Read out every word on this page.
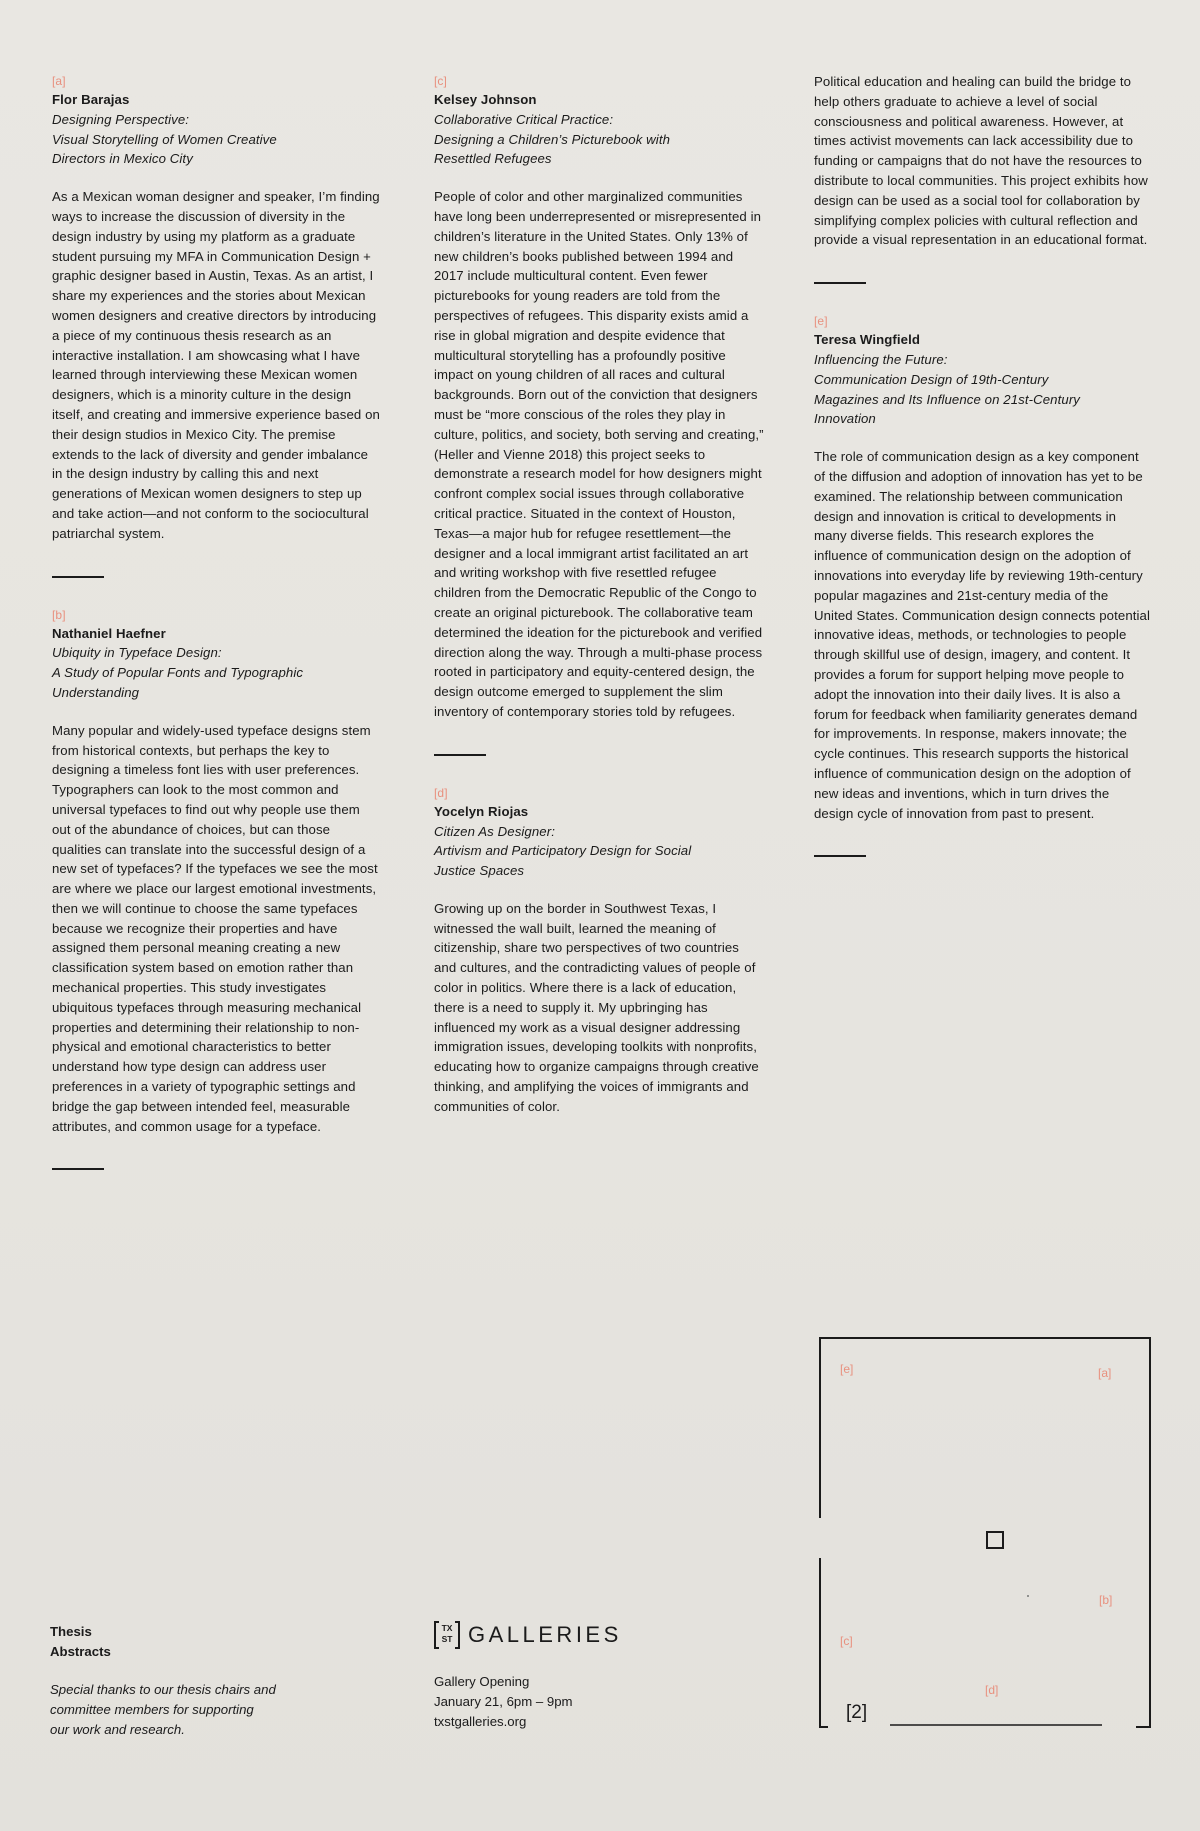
[a]
Flor Barajas
Designing Perspective:
Visual Storytelling of Women Creative
Directors in Mexico City
As a Mexican woman designer and speaker, I’m finding ways to increase the discussion of diversity in the design industry by using my platform as a graduate student pursuing my MFA in Communication Design + graphic designer based in Austin, Texas. As an artist, I share my experiences and the stories about Mexican women designers and creative directors by introducing a piece of my continuous thesis research as an interactive installation. I am showcasing what I have learned through interviewing these Mexican women designers, which is a minority culture in the design itself, and creating and immersive experience based on their design studios in Mexico City. The premise extends to the lack of diversity and gender imbalance in the design industry by calling this and next generations of Mexican women designers to step up and take action—and not conform to the sociocultural patriarchal system.
[b]
Nathaniel Haefner
Ubiquity in Typeface Design:
A Study of Popular Fonts and Typographic
Understanding
Many popular and widely-used typeface designs stem from historical contexts, but perhaps the key to designing a timeless font lies with user preferences. Typographers can look to the most common and universal typefaces to find out why people use them out of the abundance of choices, but can those qualities can translate into the successful design of a new set of typefaces? If the typefaces we see the most are where we place our largest emotional investments, then we will continue to choose the same typefaces because we recognize their properties and have assigned them personal meaning creating a new classification system based on emotion rather than mechanical properties. This study investigates ubiquitous typefaces through measuring mechanical properties and determining their relationship to non-physical and emotional characteristics to better understand how type design can address user preferences in a variety of typographic settings and bridge the gap between intended feel, measurable attributes, and common usage for a typeface.
[c]
Kelsey Johnson
Collaborative Critical Practice:
Designing a Children’s Picturebook with
Resettled Refugees
People of color and other marginalized communities have long been underrepresented or misrepresented in children’s literature in the United States. Only 13% of new children’s books published between 1994 and 2017 include multicultural content. Even fewer picturebooks for young readers are told from the perspectives of refugees. This disparity exists amid a rise in global migration and despite evidence that multicultural storytelling has a profoundly positive impact on young children of all races and cultural backgrounds. Born out of the conviction that designers must be “more conscious of the roles they play in culture, politics, and society, both serving and creating,” (Heller and Vienne 2018) this project seeks to demonstrate a research model for how designers might confront complex social issues through collaborative critical practice. Situated in the context of Houston, Texas—a major hub for refugee resettlement—the designer and a local immigrant artist facilitated an art and writing workshop with five resettled refugee children from the Democratic Republic of the Congo to create an original picturebook. The collaborative team determined the ideation for the picturebook and verified direction along the way. Through a multi-phase process rooted in participatory and equity-centered design, the design outcome emerged to supplement the slim inventory of contemporary stories told by refugees.
[d]
Yocelyn Riojas
Citizen As Designer:
Artivism and Participatory Design for Social
Justice Spaces
Growing up on the border in Southwest Texas, I witnessed the wall built, learned the meaning of citizenship, share two perspectives of two countries and cultures, and the contradicting values of people of color in politics. Where there is a lack of education, there is a need to supply it. My upbringing has influenced my work as a visual designer addressing immigration issues, developing toolkits with nonprofits, educating how to organize campaigns through creative thinking, and amplifying the voices of immigrants and communities of color.
Political education and healing can build the bridge to help others graduate to achieve a level of social consciousness and political awareness. However, at times activist movements can lack accessibility due to funding or campaigns that do not have the resources to distribute to local communities. This project exhibits how design can be used as a social tool for collaboration by simplifying complex policies with cultural reflection and provide a visual representation in an educational format.
[e]
Teresa Wingfield
Influencing the Future:
Communication Design of 19th-Century
Magazines and Its Influence on 21st-Century
Innovation
The role of communication design as a key component of the diffusion and adoption of innovation has yet to be examined. The relationship between communication design and innovation is critical to developments in many diverse fields. This research explores the influence of communication design on the adoption of innovations into everyday life by reviewing 19th-century popular magazines and 21st-century media of the United States. Communication design connects potential innovative ideas, methods, or technologies to people through skillful use of design, imagery, and content. It provides a forum for support helping move people to adopt the innovation into their daily lives. It is also a forum for feedback when familiarity generates demand for improvements. In response, makers innovate; the cycle continues. This research supports the historical influence of communication design on the adoption of new ideas and inventions, which in turn drives the design cycle of innovation from past to present.
[e]	[a]
[b]
[c]
[d]
[2]
Thesis
Abstracts
Special thanks to our thesis chairs and
committee members for supporting
our work and research.
TX
ST GALLERIES
Gallery Opening
January 21, 6pm – 9pm
txstgalleries.org
